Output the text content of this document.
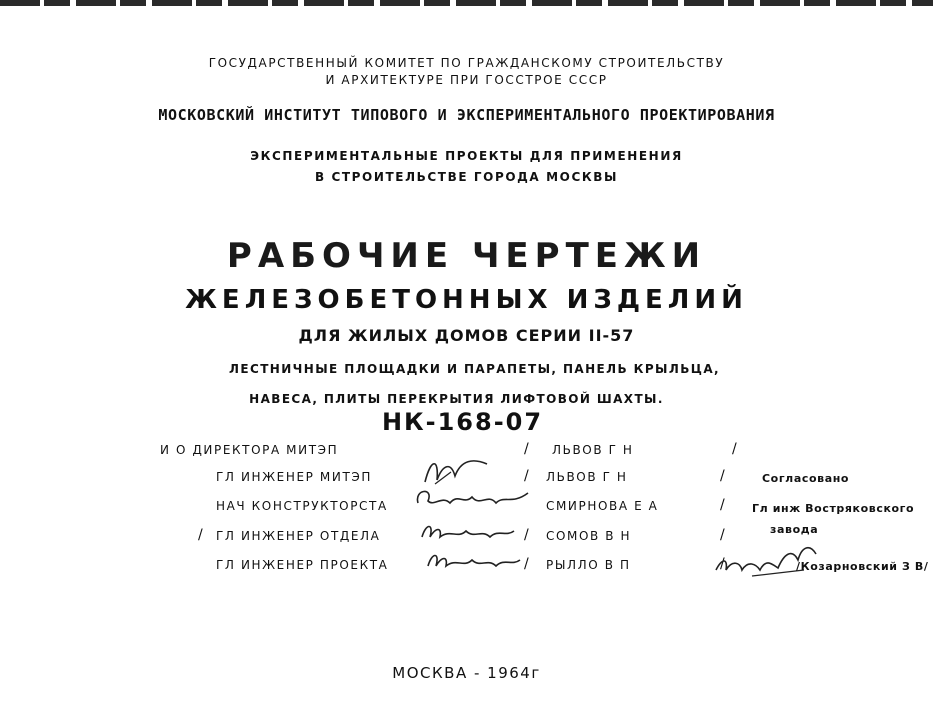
ГОСУДАРСТВЕННЫЙ КОМИТЕТ ПО ГРАЖДАНСКОМУ СТРОИТЕЛЬСТВУ
И АРХИТЕКТУРЕ ПРИ ГОССТРОЕ СССР
МОСКОВСКИЙ ИНСТИТУТ ТИПОВОГО И ЭКСПЕРИМЕНТАЛЬНОГО ПРОЕКТИРОВАНИЯ
ЭКСПЕРИМЕНТАЛЬНЫЕ ПРОЕКТЫ ДЛЯ ПРИМЕНЕНИЯ
В СТРОИТЕЛЬСТВЕ ГОРОДА МОСКВЫ
РАБОЧИЕ ЧЕРТЕЖИ
ЖЕЛЕЗОБЕТОННЫХ ИЗДЕЛИЙ
ДЛЯ ЖИЛЫХ ДОМОВ СЕРИИ II-57
ЛЕСТНИЧНЫЕ ПЛОЩАДКИ И ПАРАПЕТЫ, ПАНЕЛЬ КРЫЛЬЦА,
НАВЕСА, ПЛИТЫ ПЕРЕКРЫТИЯ ЛИФТОВОЙ ШАХТЫ.
НК-168-07
И О ДИРЕКТОРА МИТЭП	/ ЛЬВОВ Г Н	/
ГЛ ИНЖЕНЕР МИТЭП	/ ЛЬВОВ Г Н	/
НАЧ КОНСТРУКТОРСТА	СМИРНОВА Е А	/
/ ГЛ ИНЖЕНЕР ОТДЕЛА	/ СОМОВ В Н	/
ГЛ ИНЖЕНЕР ПРОЕКТА	/ РЫЛЛО В П	/
Согласовано
Гл инж Востряковского
завода
/Козарновский З В/
МОСКВА - 1964г
